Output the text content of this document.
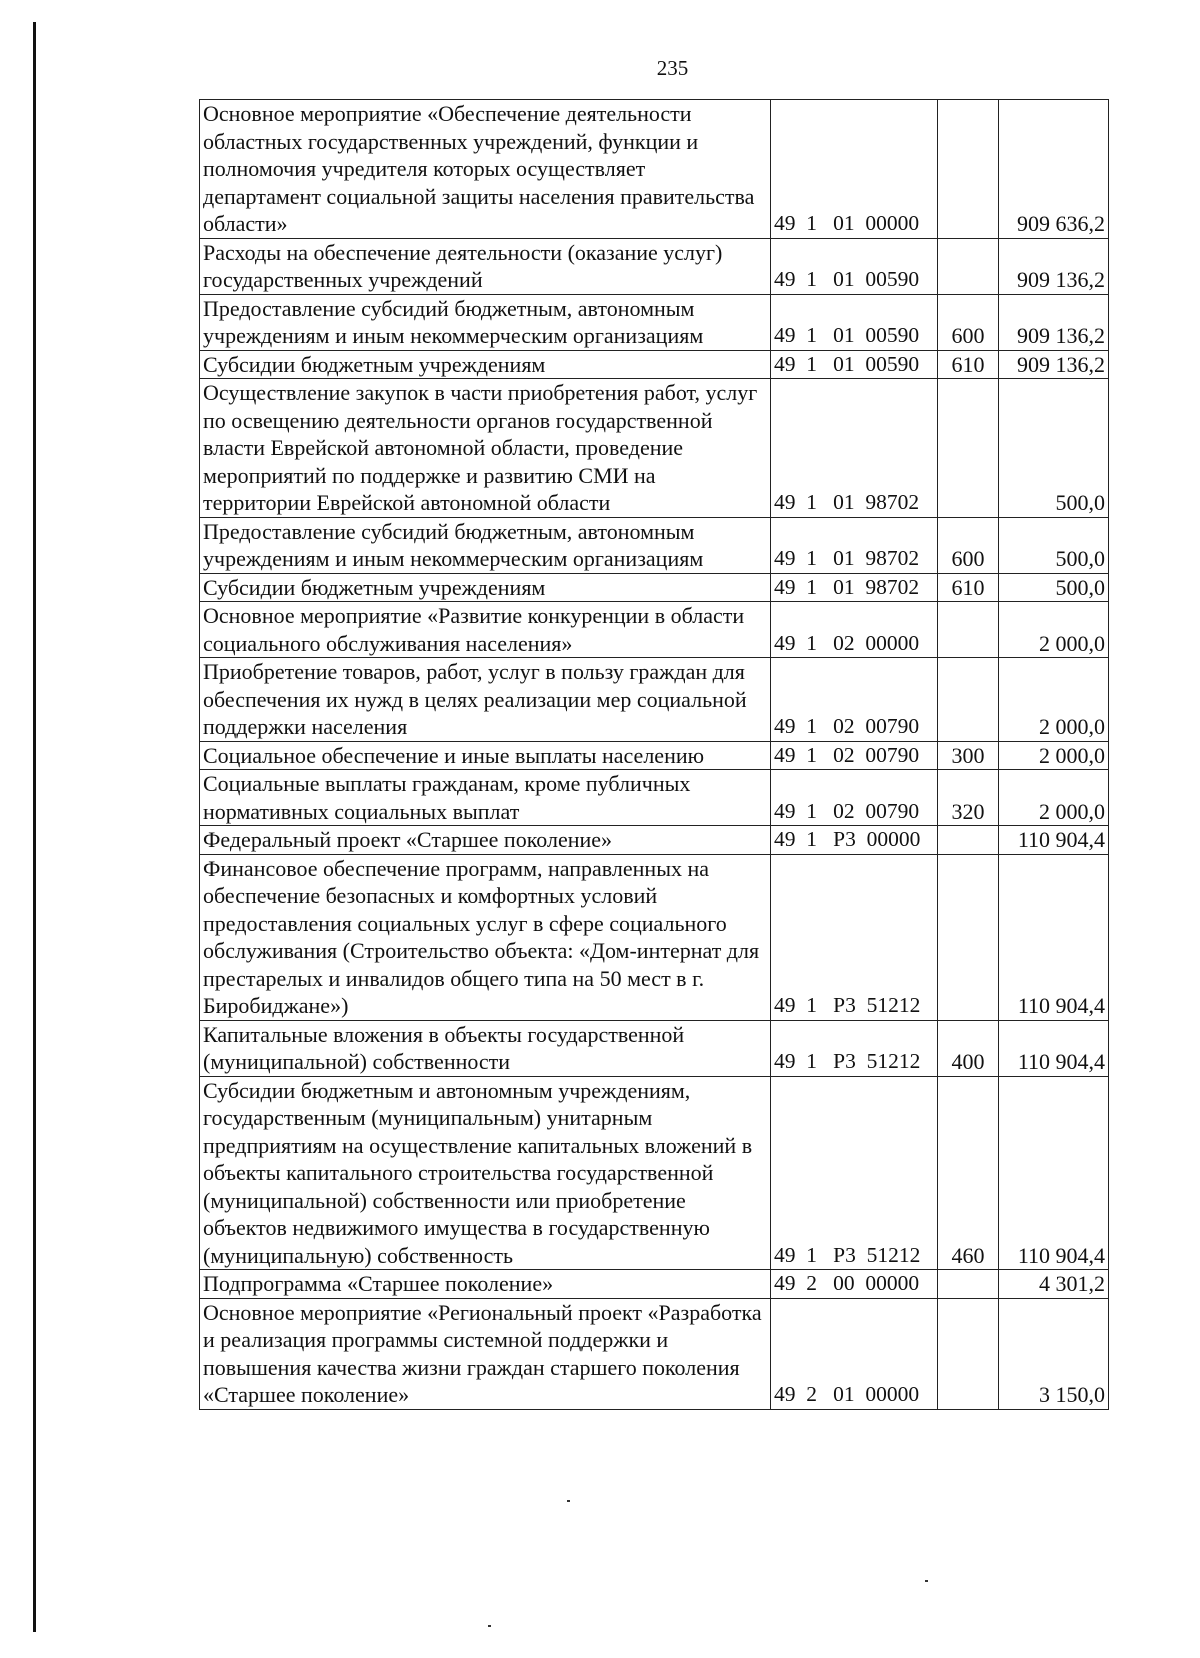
235
Основное мероприятие «Обеспечение деятельности областных государственных учреждений, функции и полномочия учредителя которых осуществляет департамент социальной защиты населения правительства области»	49  1   01  00000		909 636,2
Расходы на обеспечение деятельности (оказание услуг) государственных учреждений	49  1   01  00590		909 136,2
Предоставление субсидий бюджетным, автономным учреждениям и иным некоммерческим организациям	49  1   01  00590	600	909 136,2
Субсидии бюджетным учреждениям	49  1   01  00590	610	909 136,2
Осуществление закупок в части приобретения работ, услуг по освещению деятельности органов государственной власти Еврейской автономной области, проведение мероприятий по поддержке и развитию СМИ на территории Еврейской автономной области	49  1   01  98702		500,0
Предоставление субсидий бюджетным, автономным учреждениям и иным некоммерческим организациям	49  1   01  98702	600	500,0
Субсидии бюджетным учреждениям	49  1   01  98702	610	500,0
Основное мероприятие «Развитие конкуренции в области социального обслуживания населения»	49  1   02  00000		2 000,0
Приобретение товаров, работ, услуг в пользу граждан для обеспечения их нужд в целях реализации мер социальной поддержки населения	49  1   02  00790		2 000,0
Социальное обеспечение и иные выплаты населению	49  1   02  00790	300	2 000,0
Социальные выплаты гражданам, кроме публичных нормативных социальных выплат	49  1   02  00790	320	2 000,0
Федеральный проект «Старшее поколение»	49  1   P3  00000		110 904,4
Финансовое обеспечение программ, направленных на обеспечение безопасных и комфортных условий предоставления социальных услуг в сфере социального обслуживания (Строительство объекта: «Дом-интернат для престарелых и инвалидов общего типа на 50 мест в г. Биробиджане»)	49  1   P3  51212		110 904,4
Капитальные вложения в объекты государственной (муниципальной) собственности	49  1   P3  51212	400	110 904,4
Субсидии бюджетным и автономным учреждениям, государственным (муниципальным) унитарным предприятиям на осуществление капитальных вложений в объекты капитального строительства государственной (муниципальной) собственности или приобретение объектов недвижимого имущества в государственную (муниципальную) собственность	49  1   P3  51212	460	110 904,4
Подпрограмма «Старшее поколение»	49  2   00  00000		4 301,2
Основное мероприятие «Региональный проект «Разработка и реализация программы системной поддержки и повышения качества жизни граждан старшего поколения «Старшее поколение»	49  2   01  00000		3 150,0
